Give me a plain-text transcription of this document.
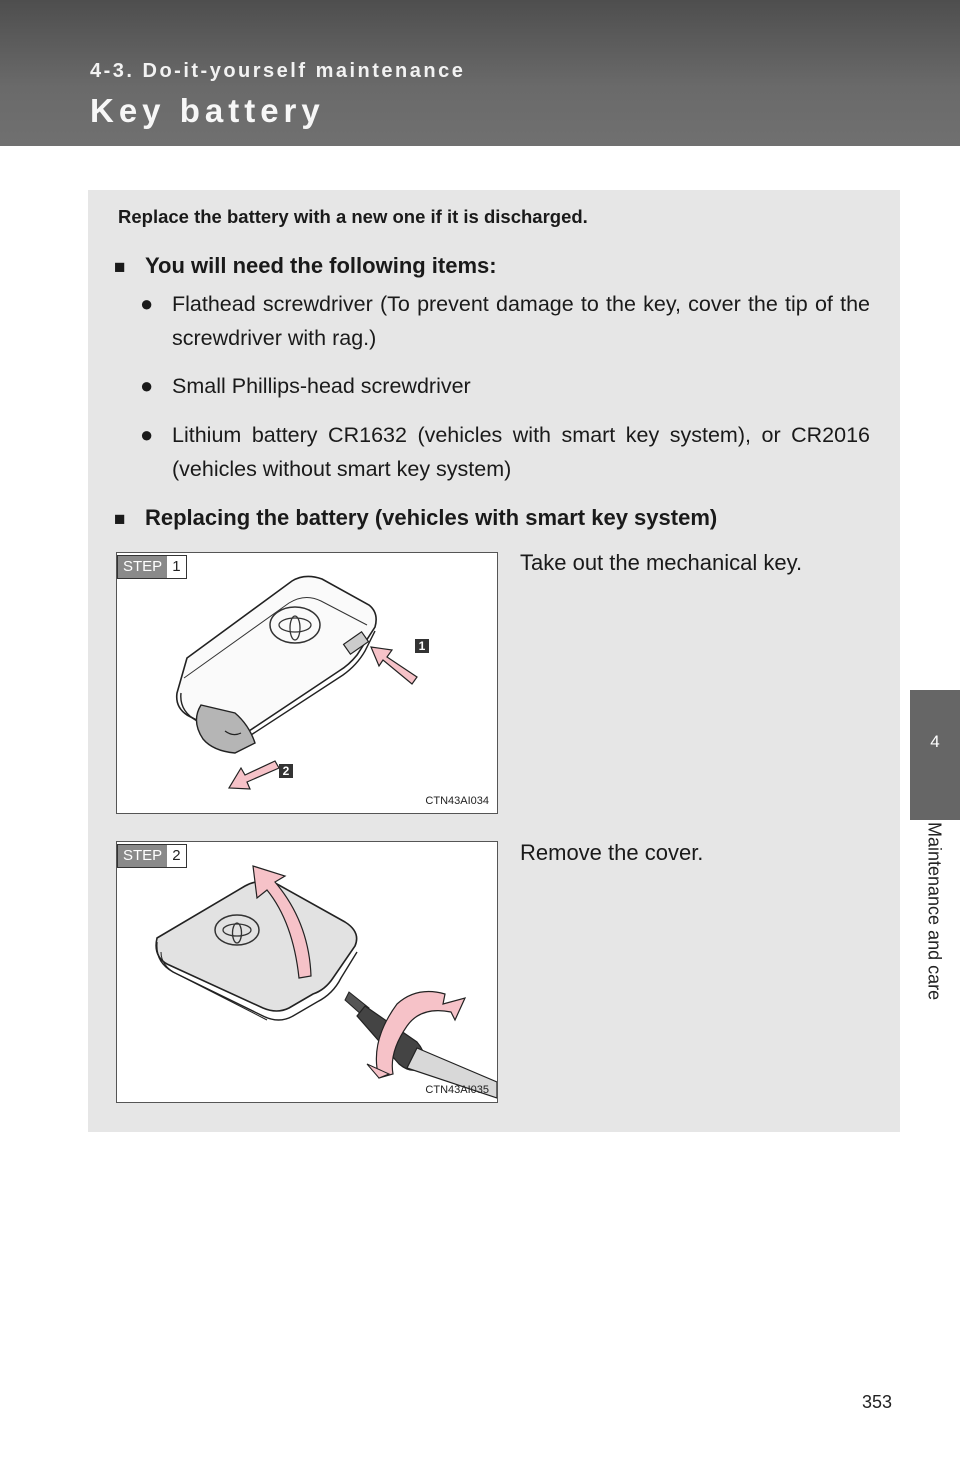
4-3. Do-it-yourself maintenance
Key battery
4
Maintenance and care
Replace the battery with a new one if it is discharged.
■ You will need the following items:
● Flathead screwdriver (To prevent damage to the key, cover the tip of the screwdriver with rag.)
● Small Phillips-head screwdriver
● Lithium battery CR1632 (vehicles with smart key system), or CR2016 (vehicles without smart key system)
■ Replacing the battery (vehicles with smart key system)
STEP 1
1
2
CTN43AI034
Take out the mechanical key.
STEP 2
CTN43AI035
Remove the cover.
353
